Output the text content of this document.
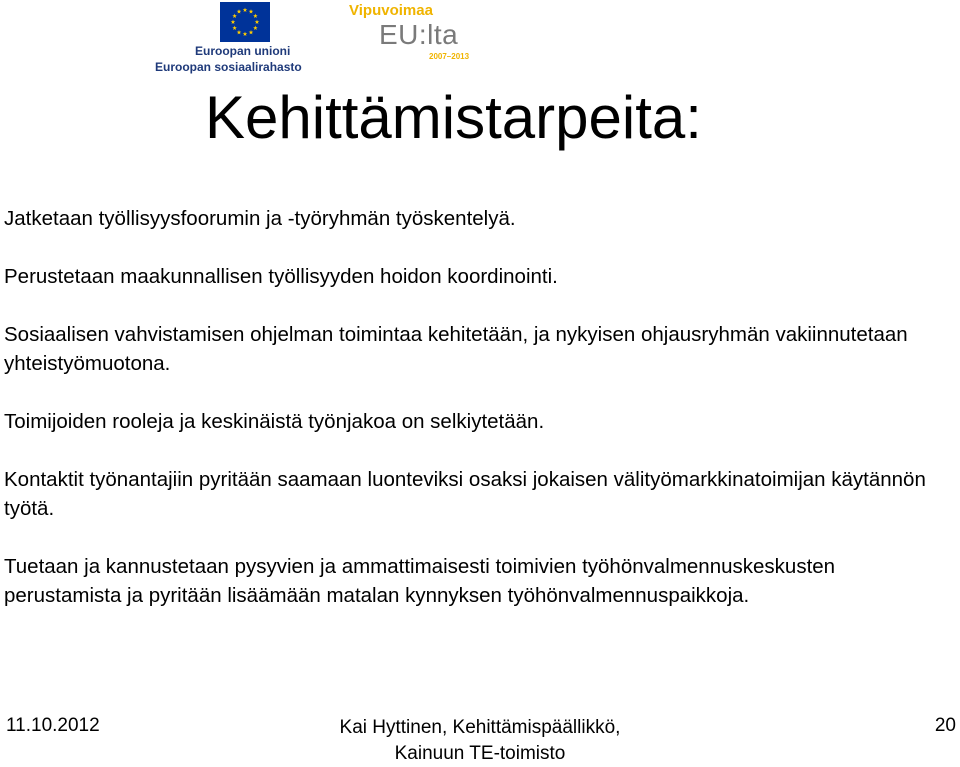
Euroopan unioni
Euroopan sosiaalirahasto
Vipuvoimaa
EU:lta
2007–2013
Kehittämistarpeita:

Jatketaan työllisyysfoorumin ja -työryhmän työskentelyä.

Perustetaan maakunnallisen työllisyyden hoidon koordinointi.

Sosiaalisen vahvistamisen ohjelman toimintaa kehitetään, ja nykyisen ohjausryhmän vakiinnutetaan yhteistyömuotona.

Toimijoiden rooleja ja keskinäistä työnjakoa on selkiytetään.

Kontaktit työnantajiin pyritään saamaan luonteviksi osaksi jokaisen välityömarkkinatoimijan käytännön työtä.

Tuetaan ja kannustetaan pysyvien ja ammattimaisesti toimivien työhönvalmennuskeskusten perustamista ja pyritään lisäämään matalan kynnyksen työhönvalmennuspaikkoja.

11.10.2012	Kai Hyttinen, Kehittämispäällikkö,
Kainuun TE-toimisto
20
